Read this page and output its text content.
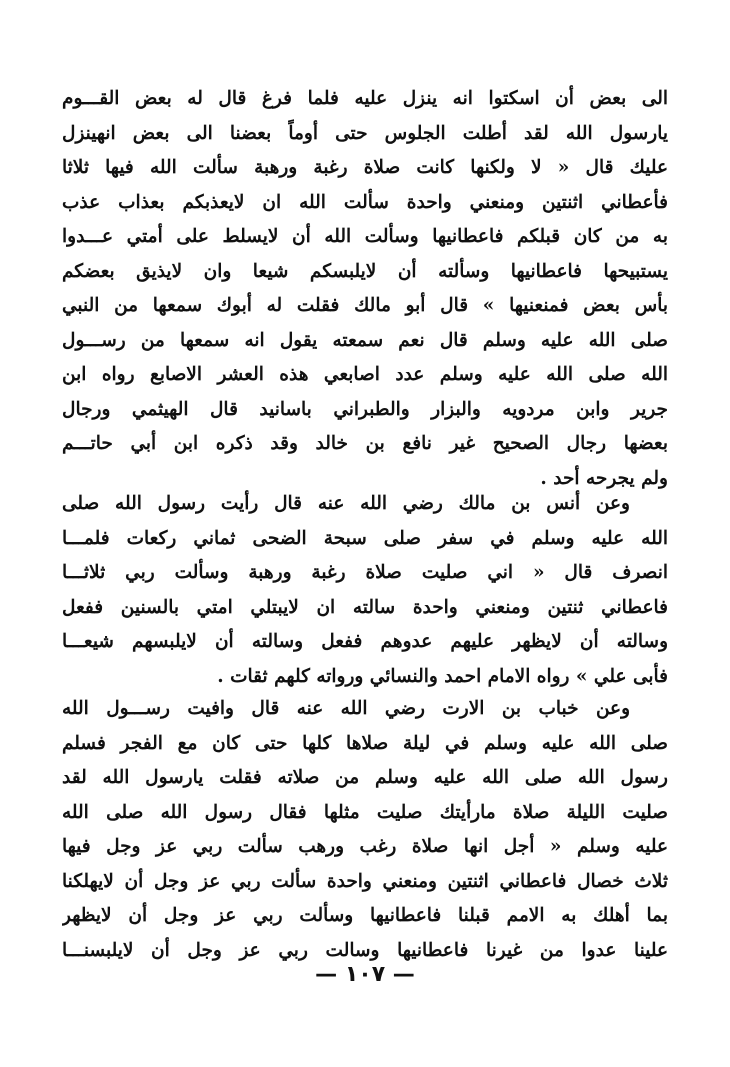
الى بعض أن اسكتوا انه ينزل عليه فلما فرغ قال له بعض القـــوم
يارسول الله لقد أطلت الجلوس حتى أوماً بعضنا الى بعض انهينزل
عليك قال « لا ولكنها كانت صلاة رغبة ورهبة سألت الله فيها ثلاثا
فأعطاني اثنتين ومنعني واحدة سألت الله ان لايعذبكم بعذاب عذب
به من كان قبلكم فاعطانيها وسألت الله أن لايسلط على أمتي عـــدوا
يستبيحها فاعطانيها وسألته أن لايلبسكم شيعا وان لايذيق بعضكم
بأس بعض فمنعنيها » قال أبو مالك فقلت له أبوك سمعها من النبي
صلى الله عليه وسلم قال نعم سمعته يقول انه سمعها من رســـول
الله صلى الله عليه وسلم عدد اصابعي هذه العشر الاصابع رواه ابن
جرير وابن مردويه والبزار والطبراني باسانيد قال الهيثمي ورجال
بعضها رجال الصحيح غير نافع بن خالد وقد ذكره ابن أبي حاتـــم
ولم يجرحه أحد .
وعن أنس بن مالك رضي الله عنه قال رأيت رسول الله صلى
الله عليه وسلم في سفر صلى سبحة الضحى ثماني ركعات فلمـــا
انصرف قال « اني صليت صلاة رغبة ورهبة وسألت ربي ثلاثـــا
فاعطاني ثنتين ومنعني واحدة سالته ان لايبتلي امتي بالسنين ففعل
وسالته أن لايظهر عليهم عدوهم ففعل وسالته أن لايلبسهم شيعـــا
فأبى علي » رواه الامام احمد والنسائي ورواته كلهم ثقات .
وعن خباب بن الارت رضي الله عنه قال وافيت رســـول الله
صلى الله عليه وسلم في ليلة صلاها كلها حتى كان مع الفجر فسلم
رسول الله صلى الله عليه وسلم من صلاته فقلت يارسول الله لقد
صليت الليلة صلاة مارأيتك صليت مثلها فقال رسول الله صلى الله
عليه وسلم « أجل انها صلاة رغب ورهب سألت ربي عز وجل فيها
ثلاث خصال فاعطاني اثنتين ومنعني واحدة سألت ربي عز وجل أن لايهلكنا
بما أهلك به الامم قبلنا فاعطانيها وسألت ربي عز وجل أن لايظهر
علينا عدوا من غيرنا فاعطانيها وسالت ربي عز وجل أن لايلبسنـــا
— ١٠٧ —
